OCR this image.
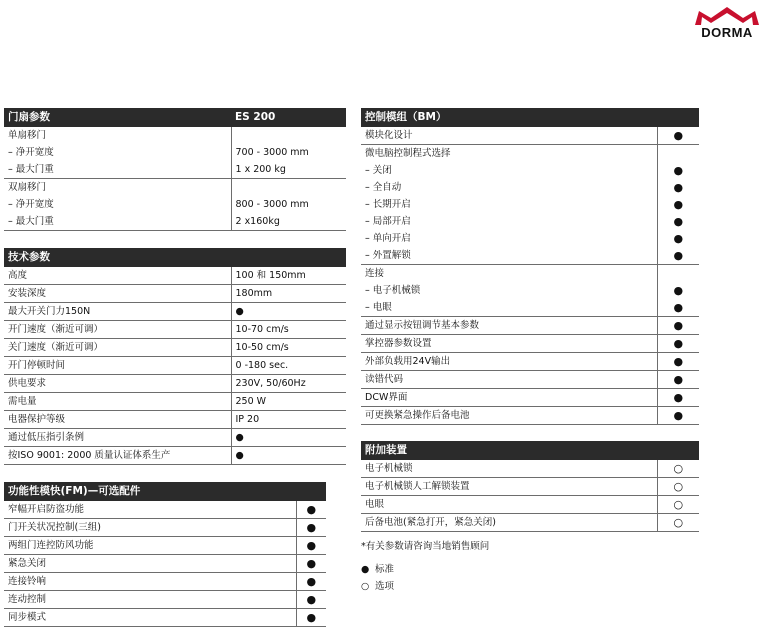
DORMA
门扇参数	ES 200
单扇移门	
– 净开宽度	700 - 3000 mm
– 最大门重	1 x 200 kg
双扇移门	
– 净开宽度	800 - 3000 mm
– 最大门重	2 x160kg
技术参数	
高度	100 和 150mm
安装深度	180mm
最大开关门力150N	●
开门速度（渐近可调）	10-70 cm/s
关门速度（渐近可调）	10-50 cm/s
开门停顿时间	0 -180 sec.
供电要求	230V, 50/60Hz
需电量	250 W
电器保护等级	IP 20
通过低压指引条例	●
按ISO 9001: 2000 质量认证体系生产	●
功能性模快(FM)—可选配件	
窄幅开启防盗功能	●
门开关状况控制(三组)	●
两组门连控防风功能	●
紧急关闭	●
连接铃响	●
连动控制	●
同步模式	●
控制模组（BM）	
模块化设计	●
微电脑控制程式选择	
– 关闭	●
– 全自动	●
– 长期开启	●
– 局部开启	●
– 单向开启	●
– 外置解锁	●
连接	
– 电子机械锁	●
– 电眼	●
通过显示按钮调节基本参数	●
掌控器参数设置	●
外部负载用24V输出	●
读错代码	●
DCW界面	●
可更换紧急操作后备电池	●
附加装置	
电子机械锁	○
电子机械锁人工解锁装置	○
电眼	○
后备电池(紧急打开，紧急关闭)	○
*有关参数请咨询当地销售顾问
● 标准
○ 选项
